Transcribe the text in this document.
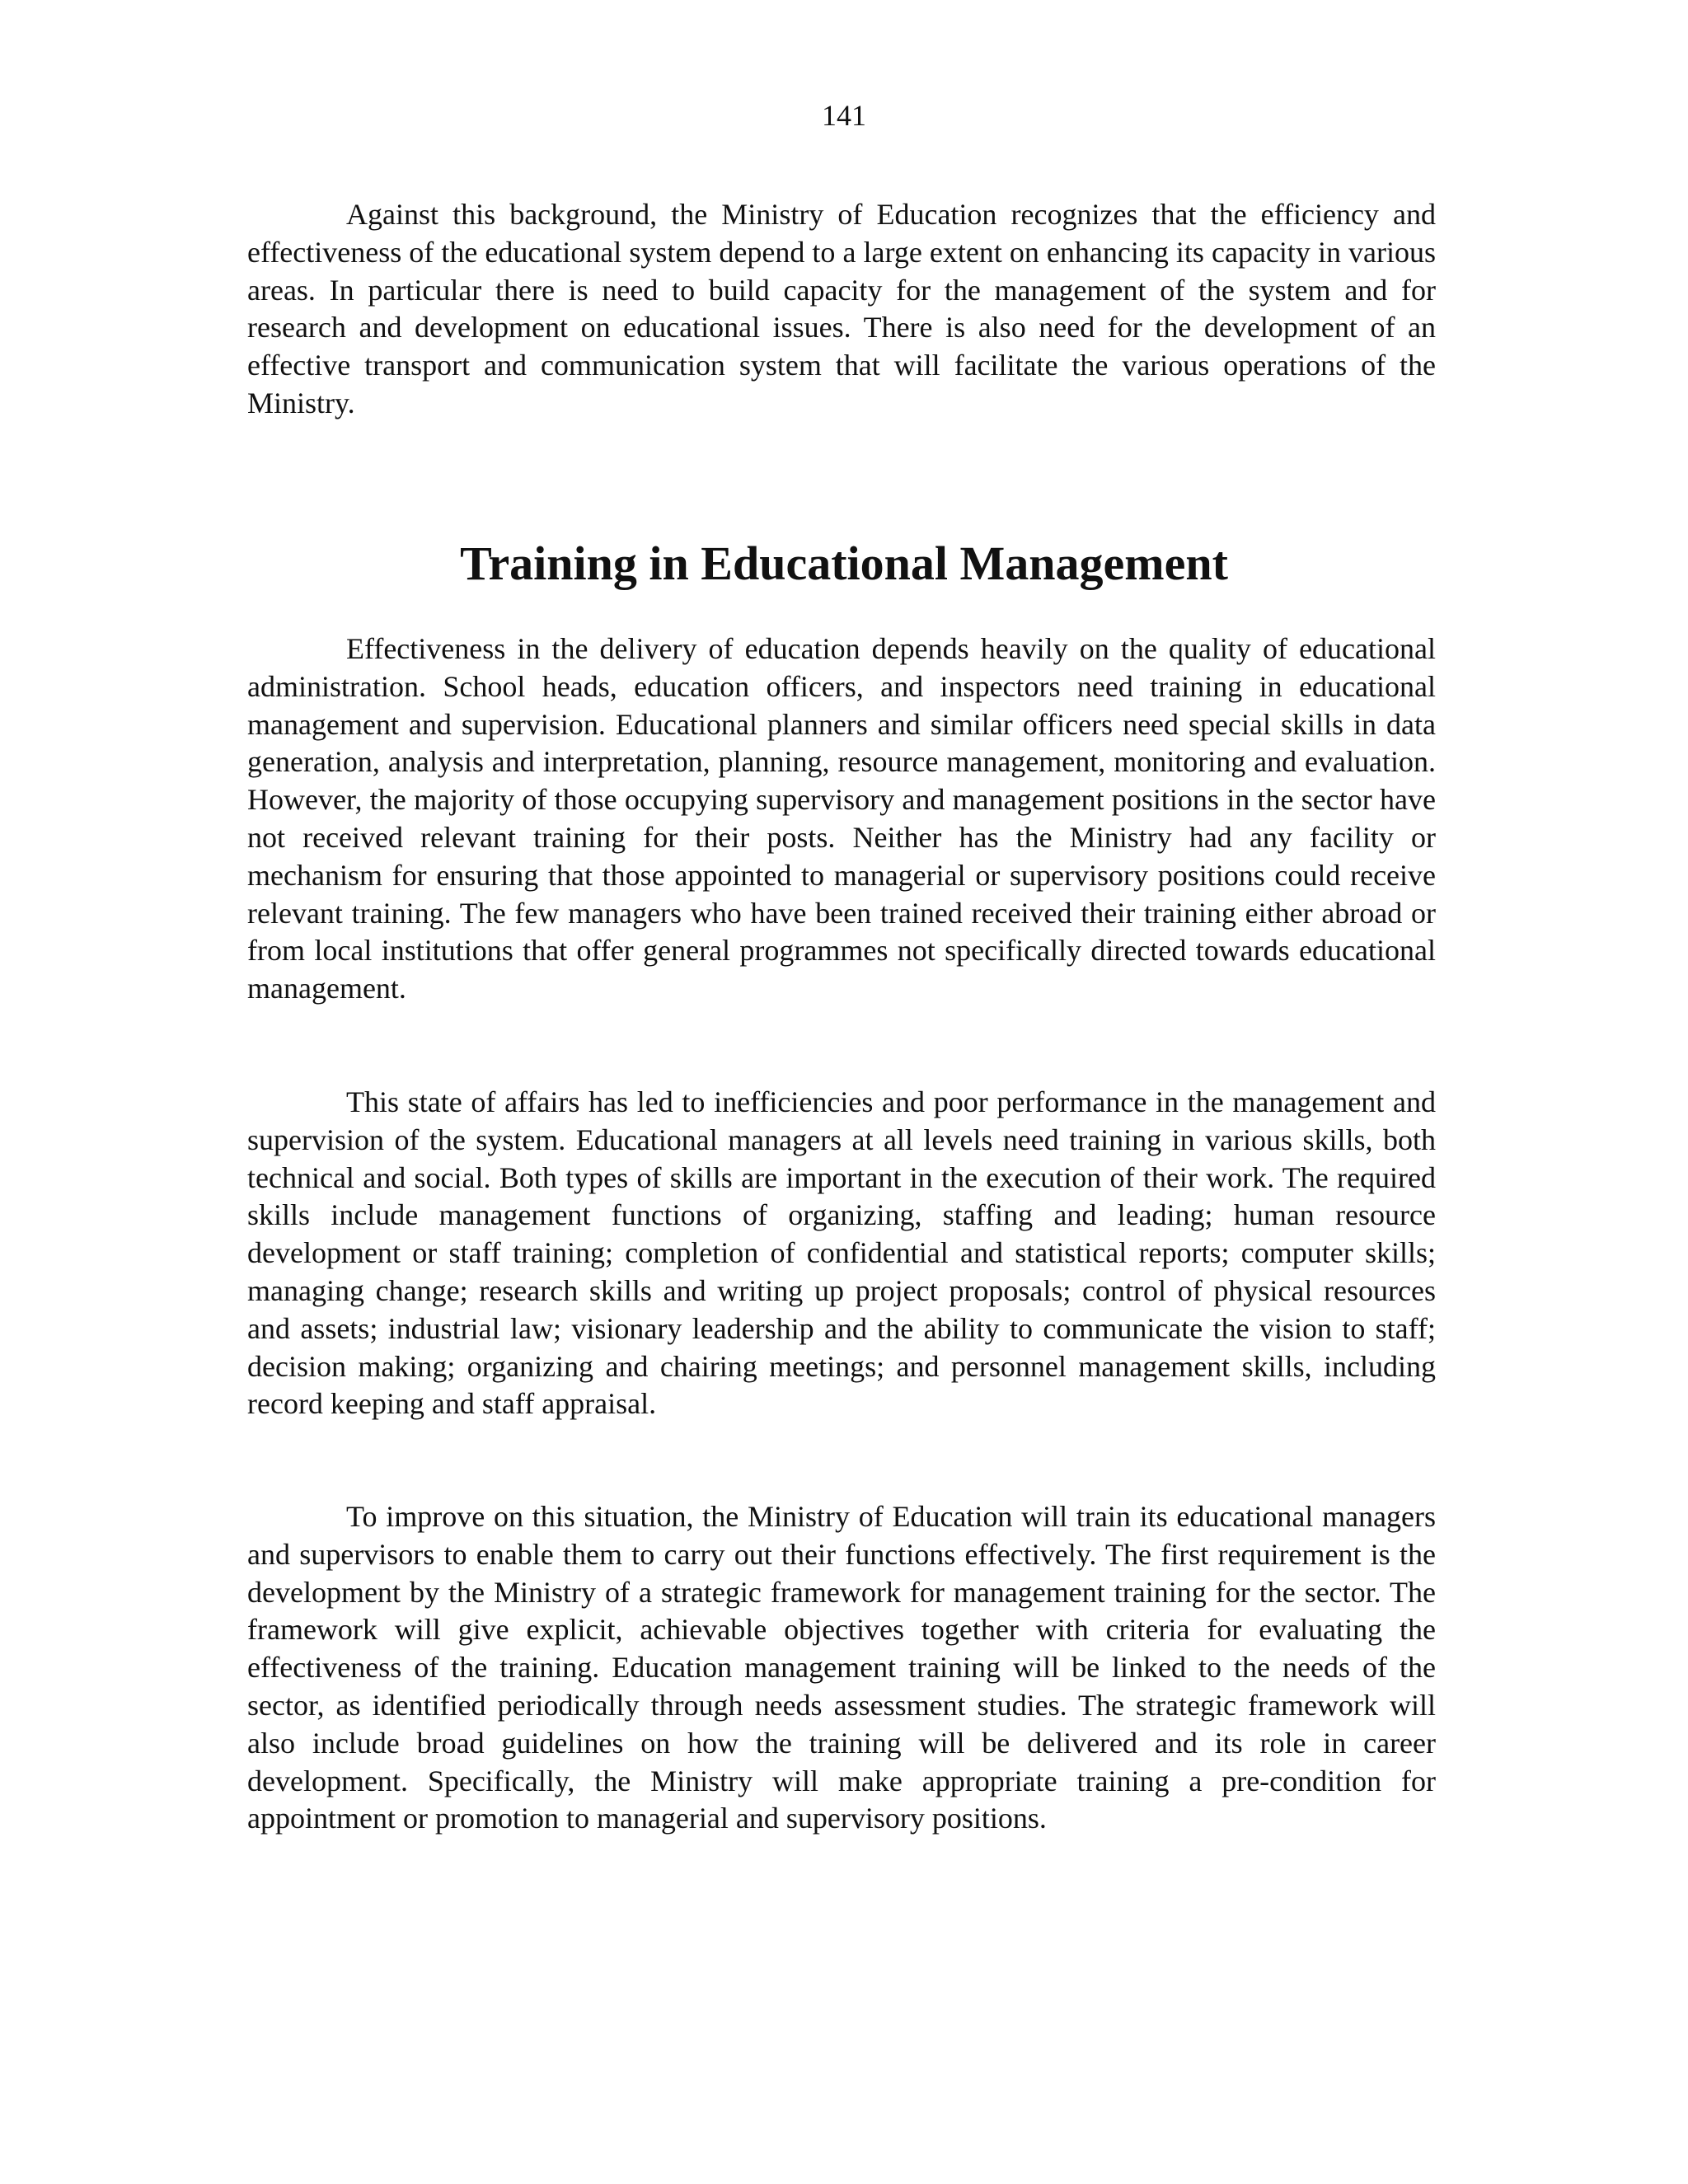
141

Against this background, the Ministry of Education recognizes that the efficiency and effectiveness of the educational system depend to a large extent on enhancing its capacity in various areas. In particular there is need to build capacity for the management of the system and for research and development on educational issues. There is also need for the development of an effective transport and communication system that will facilitate the various operations of the Ministry.

Training in Educational Management

Effectiveness in the delivery of education depends heavily on the quality of educational administration. School heads, education officers, and inspectors need training in educational management and supervision. Educational planners and similar officers need special skills in data generation, analysis and interpretation, planning, resource management, monitoring and evaluation. However, the majority of those occupying supervisory and management positions in the sector have not received relevant training for their posts. Neither has the Ministry had any facility or mechanism for ensuring that those appointed to managerial or supervisory positions could receive relevant training. The few managers who have been trained received their training either abroad or from local institutions that offer general programmes not specifically directed towards educational management.

This state of affairs has led to inefficiencies and poor performance in the management and supervision of the system. Educational managers at all levels need training in various skills, both technical and social. Both types of skills are important in the execution of their work. The required skills include management functions of organizing, staffing and leading; human resource development or staff training; completion of confidential and statistical reports; computer skills; managing change; research skills and writing up project proposals; control of physical resources and assets; industrial law; visionary leadership and the ability to communicate the vision to staff; decision making; organizing and chairing meetings; and personnel management skills, including record keeping and staff appraisal.

To improve on this situation, the Ministry of Education will train its educational managers and supervisors to enable them to carry out their functions effectively. The first requirement is the development by the Ministry of a strategic framework for management training for the sector. The framework will give explicit, achievable objectives together with criteria for evaluating the effectiveness of the training. Education management training will be linked to the needs of the sector, as identified periodically through needs assessment studies. The strategic framework will also include broad guidelines on how the training will be delivered and its role in career development. Specifically, the Ministry will make appropriate training a pre-condition for appointment or promotion to managerial and supervisory positions.
